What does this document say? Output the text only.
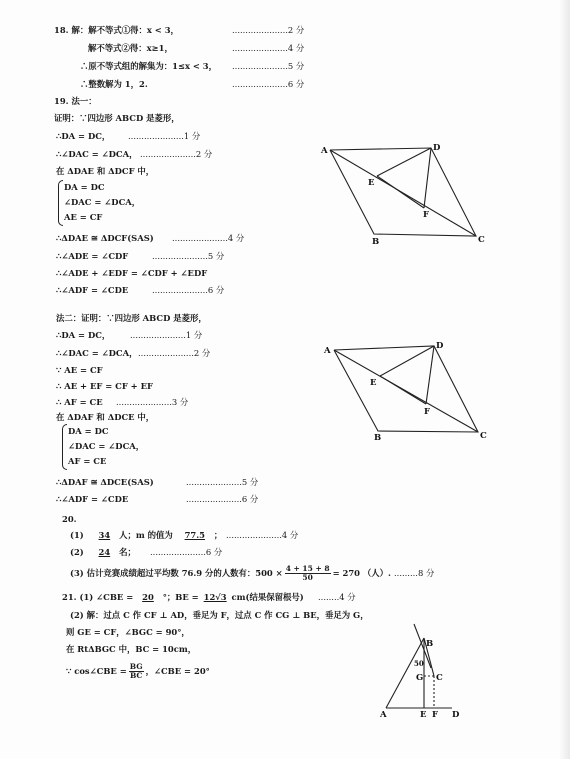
18. 解：解不等式①得：x < 3，	.....................2 分
解不等式②得：x≥1，	.....................4 分
∴原不等式组的解集为：1≤x < 3， .....................5 分
∴整数解为 1，2.	.....................6 分
19. 法一：
证明：∵四边形 ABCD 是菱形，
∴DA = DC， .....................1 分
∴∠DAC = ∠DCA， .....................2 分
在 ΔDAE 和 ΔDCF 中，
DA = DC
∠DAC = ∠DCA，
AE = CF
∴ΔDAE ≅ ΔDCF(SAS) .....................4 分
∴∠ADE = ∠CDF	.....................5 分
∴∠ADE + ∠EDF = ∠CDF + ∠EDF
∴∠ADF = ∠CDE	.....................6 分
A	D
E
F
B	C
法二：证明：∵四边形 ABCD 是菱形，
∴DA = DC， .....................1 分
∴∠DAC = ∠DCA， .....................2 分
∵ AE = CF
∴ AE + EF = CF + EF
∴ AF = CE .....................3 分
在 ΔDAF 和 ΔDCE 中，
DA = DC
∠DAC = ∠DCA，
AF = CE
∴ΔDAF ≅ ΔDCE(SAS)	.....................5 分
∴∠ADF = ∠CDE	.....................6 分
A	D
E
F
B	C
20.
(1) 34 人；m 的值为 77.5 ； .....................4 分
(2) 24 名； .....................6 分
(3) 估计竞赛成绩超过平均数 76.9 分的人数有：$500 \times \frac{4 + 15 + 8}{50} = 270$ （人）. .........8 分
21. (1) ∠CBE = 20 °；BE = 12√3 cm(结果保留根号) ........4 分
(2) 解：过点 C 作 CF ⊥ AD，垂足为 F，过点 C 作 CG ⊥ BE，垂足为 G，
则 GE = CF，∠BGC = 90°，
在 RtΔBGC 中，BC = 10cm，
∵ cos∠CBE = $\frac{BG}{BC}$ ，∠CBE = 20°
B
50
G C
A	E F D
